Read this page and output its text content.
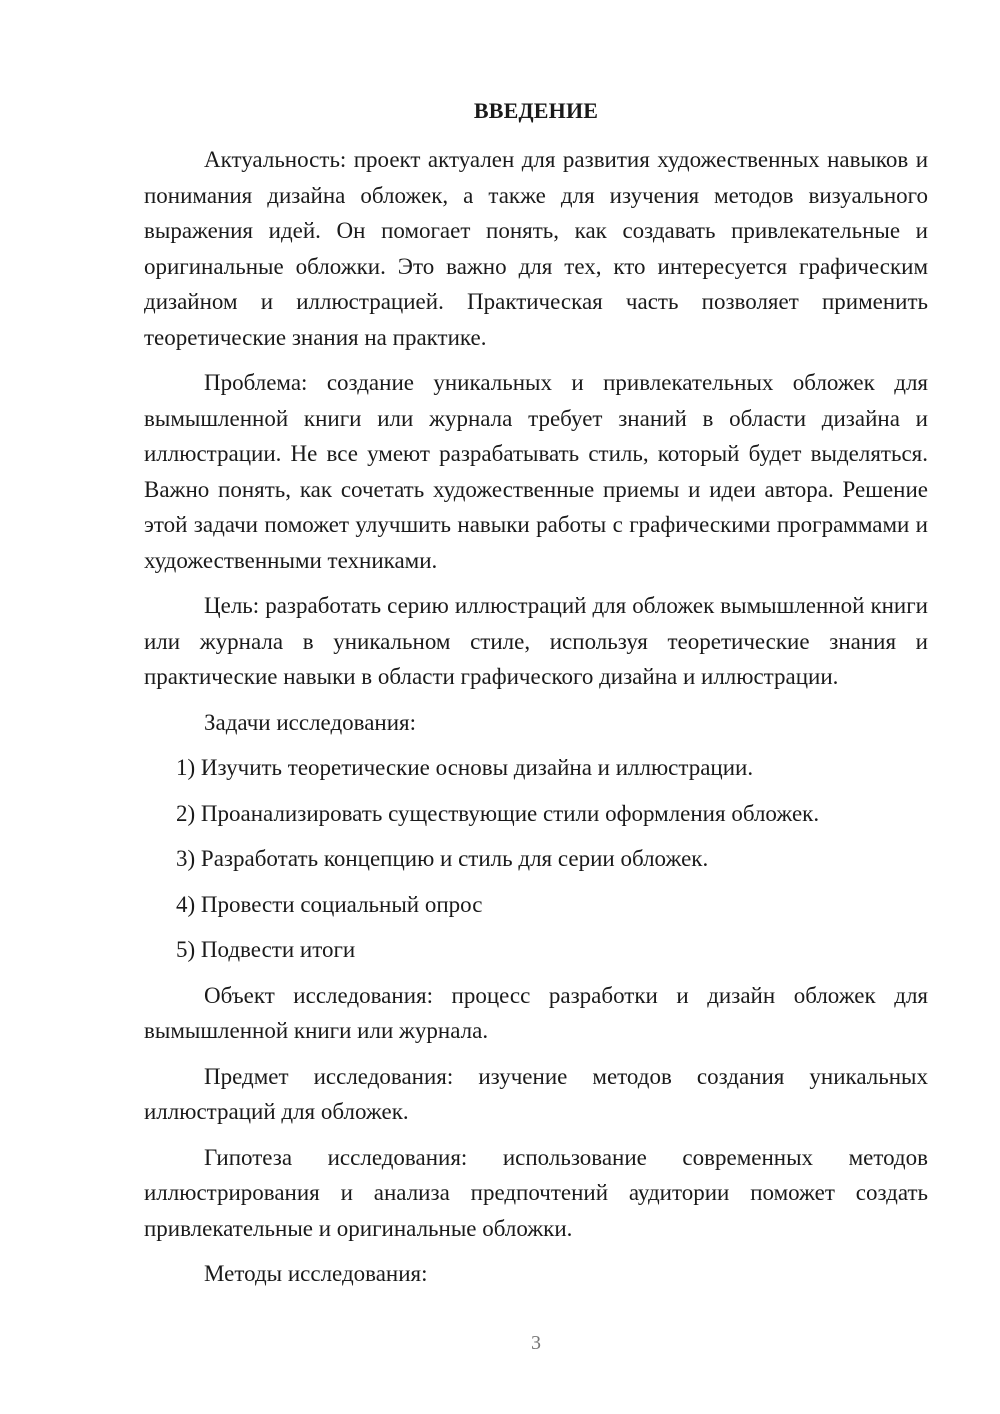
ВВЕДЕНИЕ

Актуальность: проект актуален для развития художественных навыков и понимания дизайна обложек, а также для изучения методов визуального выражения идей. Он помогает понять, как создавать привлекательные и оригинальные обложки. Это важно для тех, кто интересуется графическим дизайном и иллюстрацией. Практическая часть позволяет применить теоретические знания на практике.

Проблема: создание уникальных и привлекательных обложек для вымышленной книги или журнала требует знаний в области дизайна и иллюстрации. Не все умеют разрабатывать стиль, который будет выделяться. Важно понять, как сочетать художественные приемы и идеи автора. Решение этой задачи поможет улучшить навыки работы с графическими программами и художественными техниками.

Цель: разработать серию иллюстраций для обложек вымышленной книги или журнала в уникальном стиле, используя теоретические знания и практические навыки в области графического дизайна и иллюстрации.

Задачи исследования:

1) Изучить теоретические основы дизайна и иллюстрации.
2) Проанализировать существующие стили оформления обложек.
3) Разработать концепцию и стиль для серии обложек.
4) Провести социальный опрос
5) Подвести итоги

Объект исследования: процесс разработки и дизайн обложек для вымышленной книги или журнала.

Предмет исследования: изучение методов создания уникальных иллюстраций для обложек.

Гипотеза исследования: использование современных методов иллюстрирования и анализа предпочтений аудитории поможет создать привлекательные и оригинальные обложки.

Методы исследования:

3
